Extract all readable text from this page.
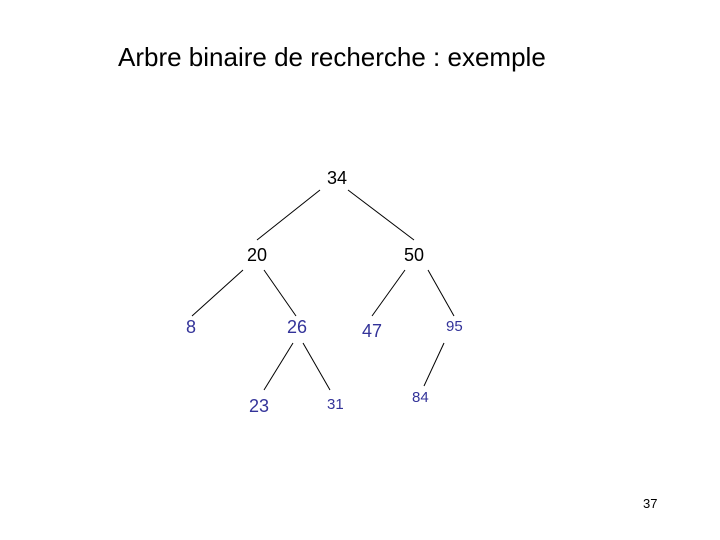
Arbre binaire de recherche : exemple
34
20	50
8	26	47	95
23	31	84
37
